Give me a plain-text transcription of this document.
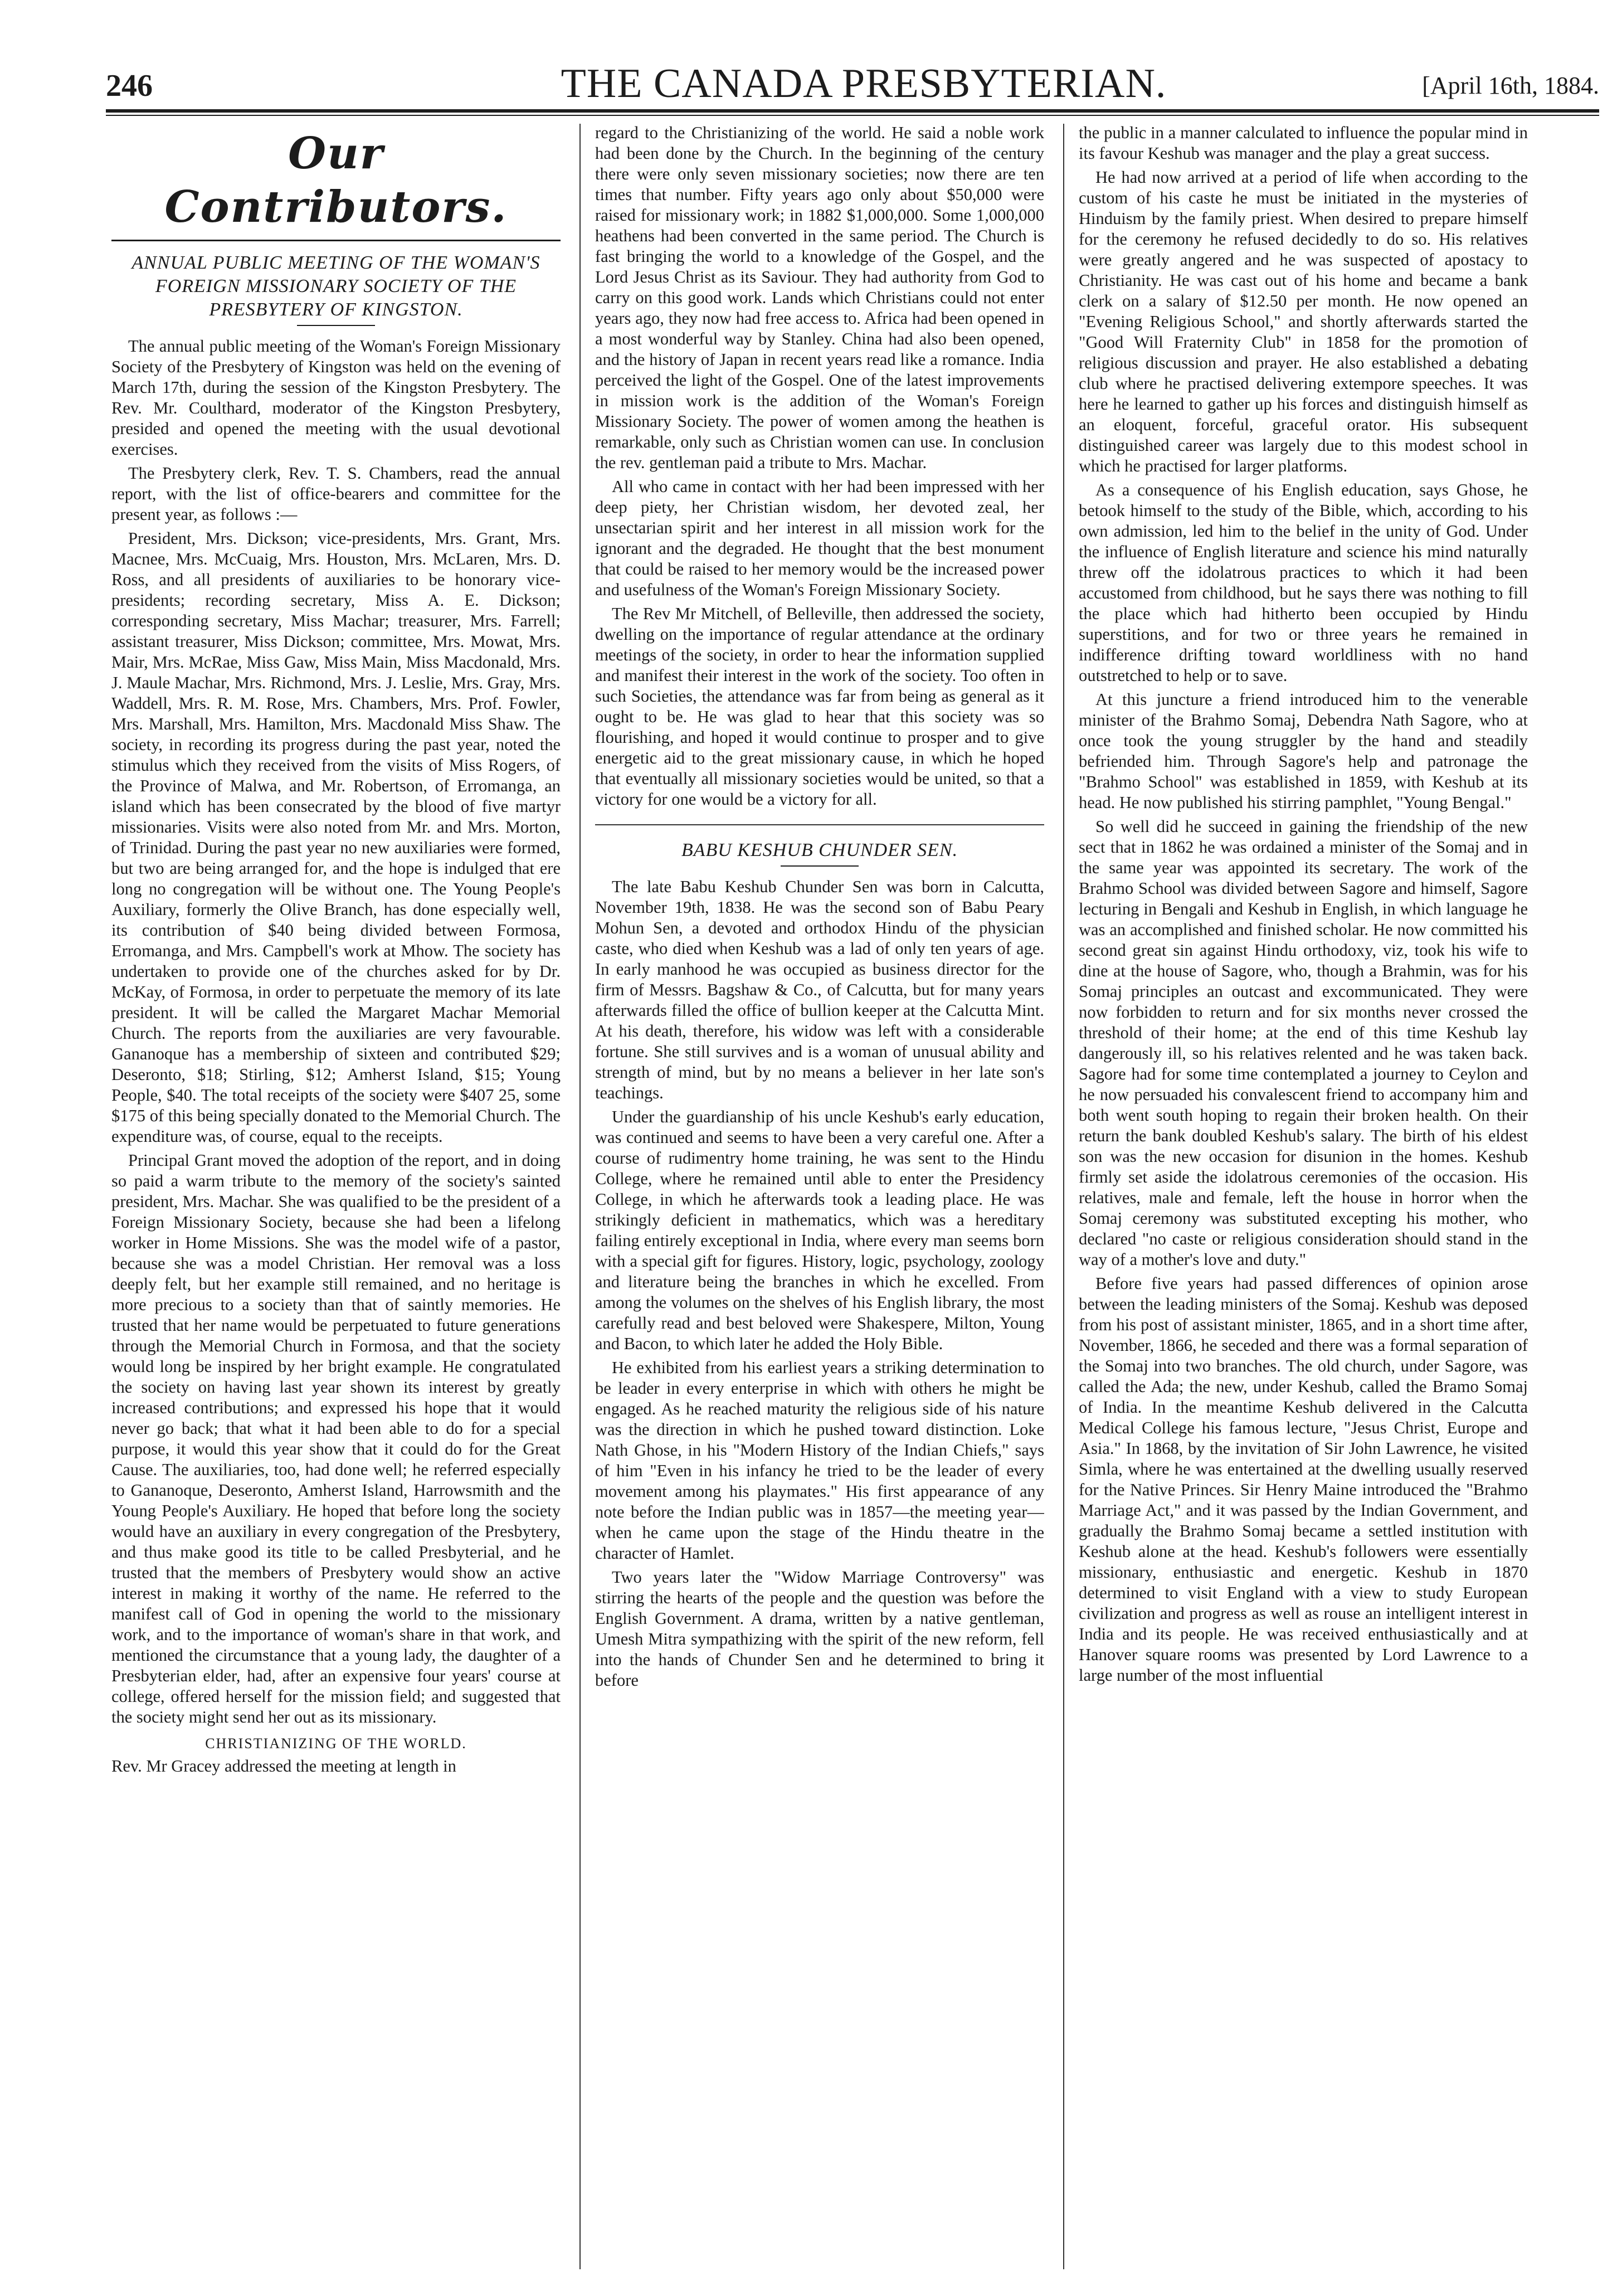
246	THE CANADA PRESBYTERIAN.	[April 16th, 1884.
Our Contributors.
ANNUAL PUBLIC MEETING OF THE WOMAN'S FOREIGN MISSIONARY SOCIETY OF THE PRESBYTERY OF KINGSTON.

The annual public meeting of the Woman's Foreign Missionary Society of the Presbytery of Kingston was held on the evening of March 17th, during the session of the Kingston Presbytery. The Rev. Mr. Coulthard, moderator of the Kingston Presbytery, presided and opened the meeting with the usual devotional exercises.

The Presbytery clerk, Rev. T. S. Chambers, read the annual report, with the list of office-bearers and committee for the present year, as follows :—

President, Mrs. Dickson; vice-presidents, Mrs. Grant, Mrs. Macnee, Mrs. McCuaig, Mrs. Houston, Mrs. McLaren, Mrs. D. Ross, and all presidents of auxiliaries to be honorary vice-presidents; recording secretary, Miss A. E. Dickson; corresponding secretary, Miss Machar; treasurer, Mrs. Farrell; assistant treasurer, Miss Dickson; committee, Mrs. Mowat, Mrs. Mair, Mrs. McRae, Miss Gaw, Miss Main, Miss Macdonald, Mrs. J. Maule Machar, Mrs. Richmond, Mrs. J. Leslie, Mrs. Gray, Mrs. Waddell, Mrs. R. M. Rose, Mrs. Chambers, Mrs. Prof. Fowler, Mrs. Marshall, Mrs. Hamilton, Mrs. Macdonald Miss Shaw. The society, in recording its progress during the past year, noted the stimulus which they received from the visits of Miss Rogers, of the Province of Malwa, and Mr. Robertson, of Erromanga, an island which has been consecrated by the blood of five martyr missionaries. Visits were also noted from Mr. and Mrs. Morton, of Trinidad. During the past year no new auxiliaries were formed, but two are being arranged for, and the hope is indulged that ere long no congregation will be without one. The Young People's Auxiliary, formerly the Olive Branch, has done especially well, its contribution of $40 being divided between Formosa, Erromanga, and Mrs. Campbell's work at Mhow. The society has undertaken to provide one of the churches asked for by Dr. McKay, of Formosa, in order to perpetuate the memory of its late president. It will be called the Margaret Machar Memorial Church. The reports from the auxiliaries are very favourable. Gananoque has a membership of sixteen and contributed $29; Deseronto, $18; Stirling, $12; Amherst Island, $15; Young People, $40. The total receipts of the society were $407 25, some $175 of this being specially donated to the Memorial Church. The expenditure was, of course, equal to the receipts.

Principal Grant moved the adoption of the report, and in doing so paid a warm tribute to the memory of the society's sainted president, Mrs. Machar. She was qualified to be the president of a Foreign Missionary Society, because she had been a lifelong worker in Home Missions. She was the model wife of a pastor, because she was a model Christian. Her removal was a loss deeply felt, but her example still remained, and no heritage is more precious to a society than that of saintly memories. He trusted that her name would be perpetuated to future generations through the Memorial Church in Formosa, and that the society would long be inspired by her bright example. He congratulated the society on having last year shown its interest by greatly increased contributions; and expressed his hope that it would never go back; that what it had been able to do for a special purpose, it would this year show that it could do for the Great Cause. The auxiliaries, too, had done well; he referred especially to Gananoque, Deseronto, Amherst Island, Harrowsmith and the Young People's Auxiliary. He hoped that before long the society would have an auxiliary in every congregation of the Presbytery, and thus make good its title to be called Presbyterial, and he trusted that the members of Presbytery would show an active interest in making it worthy of the name. He referred to the manifest call of God in opening the world to the missionary work, and to the importance of woman's share in that work, and mentioned the circumstance that a young lady, the daughter of a Presbyterian elder, had, after an expensive four years' course at college, offered herself for the mission field; and suggested that the society might send her out as its missionary.

CHRISTIANIZING OF THE WORLD.

Rev. Mr Gracey addressed the meeting at length in

regard to the Christianizing of the world. He said a noble work had been done by the Church. In the beginning of the century there were only seven missionary societies; now there are ten times that number. Fifty years ago only about $50,000 were raised for missionary work; in 1882 $1,000,000. Some 1,000,000 heathens had been converted in the same period. The Church is fast bringing the world to a knowledge of the Gospel, and the Lord Jesus Christ as its Saviour. They had authority from God to carry on this good work. Lands which Christians could not enter years ago, they now had free access to. Africa had been opened in a most wonderful way by Stanley. China had also been opened, and the history of Japan in recent years read like a romance. India perceived the light of the Gospel. One of the latest improvements in mission work is the addition of the Woman's Foreign Missionary Society. The power of women among the heathen is remarkable, only such as Christian women can use. In conclusion the rev. gentleman paid a tribute to Mrs. Machar.

All who came in contact with her had been impressed with her deep piety, her Christian wisdom, her devoted zeal, her unsectarian spirit and her interest in all mission work for the ignorant and the degraded. He thought that the best monument that could be raised to her memory would be the increased power and usefulness of the Woman's Foreign Missionary Society.

The Rev Mr Mitchell, of Belleville, then addressed the society, dwelling on the importance of regular attendance at the ordinary meetings of the society, in order to hear the information supplied and manifest their interest in the work of the society. Too often in such Societies, the attendance was far from being as general as it ought to be. He was glad to hear that this society was so flourishing, and hoped it would continue to prosper and to give energetic aid to the great missionary cause, in which he hoped that eventually all missionary societies would be united, so that a victory for one would be a victory for all.

BABU KESHUB CHUNDER SEN.

The late Babu Keshub Chunder Sen was born in Calcutta, November 19th, 1838. He was the second son of Babu Peary Mohun Sen, a devoted and orthodox Hindu of the physician caste, who died when Keshub was a lad of only ten years of age. In early manhood he was occupied as business director for the firm of Messrs. Bagshaw & Co., of Calcutta, but for many years afterwards filled the office of bullion keeper at the Calcutta Mint. At his death, therefore, his widow was left with a considerable fortune. She still survives and is a woman of unusual ability and strength of mind, but by no means a believer in her late son's teachings.

Under the guardianship of his uncle Keshub's early education, was continued and seems to have been a very careful one. After a course of rudimentry home training, he was sent to the Hindu College, where he remained until able to enter the Presidency College, in which he afterwards took a leading place. He was strikingly deficient in mathematics, which was a hereditary failing entirely exceptional in India, where every man seems born with a special gift for figures. History, logic, psychology, zoology and literature being the branches in which he excelled. From among the volumes on the shelves of his English library, the most carefully read and best beloved were Shakespere, Milton, Young and Bacon, to which later he added the Holy Bible.

He exhibited from his earliest years a striking determination to be leader in every enterprise in which with others he might be engaged. As he reached maturity the religious side of his nature was the direction in which he pushed toward distinction. Loke Nath Ghose, in his "Modern History of the Indian Chiefs," says of him "Even in his infancy he tried to be the leader of every movement among his playmates." His first appearance of any note before the Indian public was in 1857—the meeting year—when he came upon the stage of the Hindu theatre in the character of Hamlet.

Two years later the "Widow Marriage Controversy" was stirring the hearts of the people and the question was before the English Government. A drama, written by a native gentleman, Umesh Mitra sympathizing with the spirit of the new reform, fell into the hands of Chunder Sen and he determined to bring it before

the public in a manner calculated to influence the popular mind in its favour Keshub was manager and the play a great success.

He had now arrived at a period of life when according to the custom of his caste he must be initiated in the mysteries of Hinduism by the family priest. When desired to prepare himself for the ceremony he refused decidedly to do so. His relatives were greatly angered and he was suspected of apostacy to Christianity. He was cast out of his home and became a bank clerk on a salary of $12.50 per month. He now opened an "Evening Religious School," and shortly afterwards started the "Good Will Fraternity Club" in 1858 for the promotion of religious discussion and prayer. He also established a debating club where he practised delivering extempore speeches. It was here he learned to gather up his forces and distinguish himself as an eloquent, forceful, graceful orator. His subsequent distinguished career was largely due to this modest school in which he practised for larger platforms.

As a consequence of his English education, says Ghose, he betook himself to the study of the Bible, which, according to his own admission, led him to the belief in the unity of God. Under the influence of English literature and science his mind naturally threw off the idolatrous practices to which it had been accustomed from childhood, but he says there was nothing to fill the place which had hitherto been occupied by Hindu superstitions, and for two or three years he remained in indifference drifting toward worldliness with no hand outstretched to help or to save.

At this juncture a friend introduced him to the venerable minister of the Brahmo Somaj, Debendra Nath Sagore, who at once took the young struggler by the hand and steadily befriended him. Through Sagore's help and patronage the "Brahmo School" was established in 1859, with Keshub at its head. He now published his stirring pamphlet, "Young Bengal."

So well did he succeed in gaining the friendship of the new sect that in 1862 he was ordained a minister of the Somaj and in the same year was appointed its secretary. The work of the Brahmo School was divided between Sagore and himself, Sagore lecturing in Bengali and Keshub in English, in which language he was an accomplished and finished scholar. He now committed his second great sin against Hindu orthodoxy, viz, took his wife to dine at the house of Sagore, who, though a Brahmin, was for his Somaj principles an outcast and excommunicated. They were now forbidden to return and for six months never crossed the threshold of their home; at the end of this time Keshub lay dangerously ill, so his relatives relented and he was taken back. Sagore had for some time contemplated a journey to Ceylon and he now persuaded his convalescent friend to accompany him and both went south hoping to regain their broken health. On their return the bank doubled Keshub's salary. The birth of his eldest son was the new occasion for disunion in the homes. Keshub firmly set aside the idolatrous ceremonies of the occasion. His relatives, male and female, left the house in horror when the Somaj ceremony was substituted excepting his mother, who declared "no caste or religious consideration should stand in the way of a mother's love and duty."

Before five years had passed differences of opinion arose between the leading ministers of the Somaj. Keshub was deposed from his post of assistant minister, 1865, and in a short time after, November, 1866, he seceded and there was a formal separation of the Somaj into two branches. The old church, under Sagore, was called the Ada; the new, under Keshub, called the Bramo Somaj of India. In the meantime Keshub delivered in the Calcutta Medical College his famous lecture, "Jesus Christ, Europe and Asia." In 1868, by the invitation of Sir John Lawrence, he visited Simla, where he was entertained at the dwelling usually reserved for the Native Princes. Sir Henry Maine introduced the "Brahmo Marriage Act," and it was passed by the Indian Government, and gradually the Brahmo Somaj became a settled institution with Keshub alone at the head. Keshub's followers were essentially missionary, enthusiastic and energetic. Keshub in 1870 determined to visit England with a view to study European civilization and progress as well as rouse an intelligent interest in India and its people. He was received enthusiastically and at Hanover square rooms was presented by Lord Lawrence to a large number of the most influential
